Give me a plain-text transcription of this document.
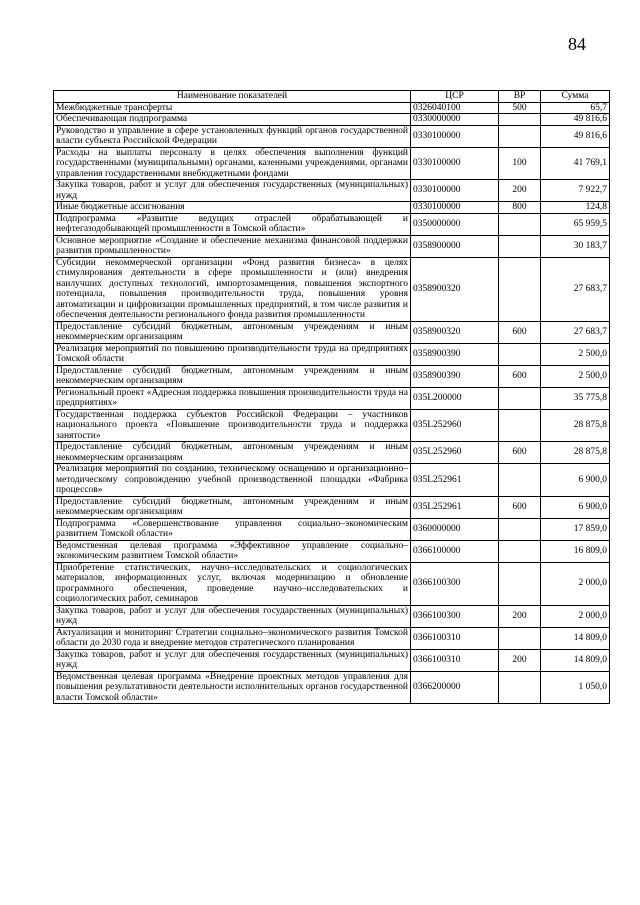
84
Наименование показателей	ЦСР	ВР	Сумма
Межбюджетные трансферты	0326040100	500	65,7
Обеспечивающая подпрограмма	0330000000		49 816,6
Руководство и управление в сфере установленных функций органов государственной власти субъекта Российской Федерации	0330100000		49 816,6
Расходы на выплаты персоналу в целях обеспечения выполнения функций государственными (муниципальными) органами, казенными учреждениями, органами управления государственными внебюджетными фондами	0330100000	100	41 769,1
Закупка товаров, работ и услуг для обеспечения государственных (муниципальных) нужд	0330100000	200	7 922,7
Иные бюджетные ассигнования	0330100000	800	124,8
Подпрограмма «Развитие ведущих отраслей обрабатывающей и нефтегазодобывающей промышленности в Томской области»	0350000000		65 959,5
Основное мероприятие «Создание и обеспечение механизма финансовой поддержки развития промышленности»	0358900000		30 183,7
Субсидии некоммерческой организации «Фонд развития бизнеса» в целях стимулирования деятельности в сфере промышленности и (или) внедрения наилучших доступных технологий, импортозамещения, повышения экспортного потенциала, повышения производительности труда, повышения уровня автоматизации и цифровизации промышленных предприятий, в том числе развития и обеспечения деятельности регионального фонда развития промышленности	0358900320		27 683,7
Предоставление субсидий бюджетным, автономным учреждениям и иным некоммерческим организациям	0358900320	600	27 683,7
Реализация мероприятий по повышению производительности труда на предприятиях Томской области	0358900390		2 500,0
Предоставление субсидий бюджетным, автономным учреждениям и иным некоммерческим организациям	0358900390	600	2 500,0
Региональный проект «Адресная поддержка повышения производительности труда на предприятиях»	035L200000		35 775,8
Государственная поддержка субъектов Российской Федерации – участников национального проекта «Повышение производительности труда и поддержка занятости»	035L252960		28 875,8
Предоставление субсидий бюджетным, автономным учреждениям и иным некоммерческим организациям	035L252960	600	28 875,8
Реализация мероприятий по созданию, техническому оснащению и организационно–методическому сопровождению учебной производственной площадки «Фабрика процессов»	035L252961		6 900,0
Предоставление субсидий бюджетным, автономным учреждениям и иным некоммерческим организациям	035L252961	600	6 900,0
Подпрограмма «Совершенствование управления социально–экономическим развитием Томской области»	0360000000		17 859,0
Ведомственная целевая программа «Эффективное управление социально–экономическим развитием Томской области»	0366100000		16 809,0
Приобретение статистических, научно–исследовательских и социологических материалов, информационных услуг, включая модернизацию и обновление программного обеспечения, проведение научно–исследовательских и социологических работ, семинаров	0366100300		2 000,0
Закупка товаров, работ и услуг для обеспечения государственных (муниципальных) нужд	0366100300	200	2 000,0
Актуализация и мониторинг Стратегии социально–экономического развития Томской области до 2030 года и внедрение методов стратегического планирования	0366100310		14 809,0
Закупка товаров, работ и услуг для обеспечения государственных (муниципальных) нужд	0366100310	200	14 809,0
Ведомственная целевая программа «Внедрение проектных методов управления для повышения результативности деятельности исполнительных органов государственной власти Томской области»	0366200000		1 050,0
